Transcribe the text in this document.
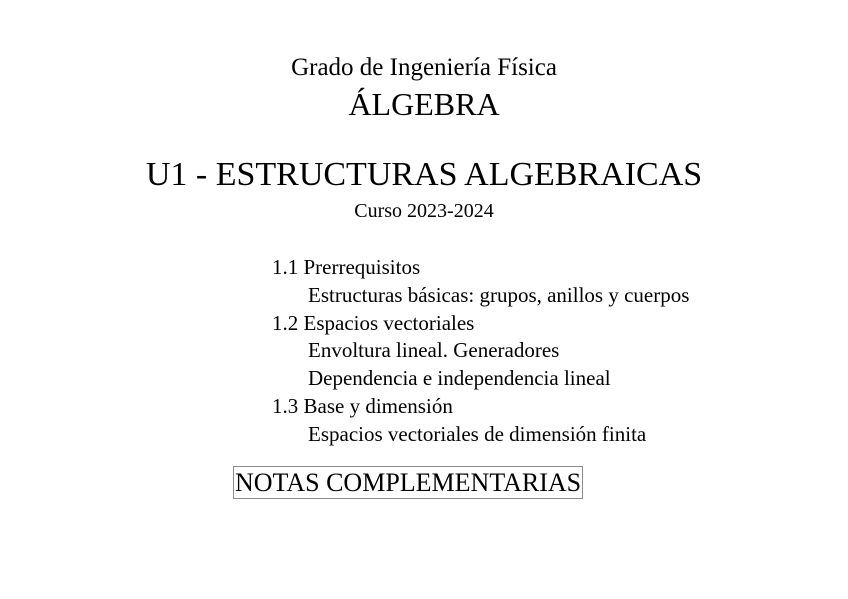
Grado de Ingeniería Física
ÁLGEBRA
U1 - ESTRUCTURAS ALGEBRAICAS
Curso 2023-2024
1.1 Prerrequisitos
Estructuras básicas: grupos, anillos y cuerpos
1.2 Espacios vectoriales
Envoltura lineal. Generadores
Dependencia e independencia lineal
1.3 Base y dimensión
Espacios vectoriales de dimensión finita
NOTAS COMPLEMENTARIAS
